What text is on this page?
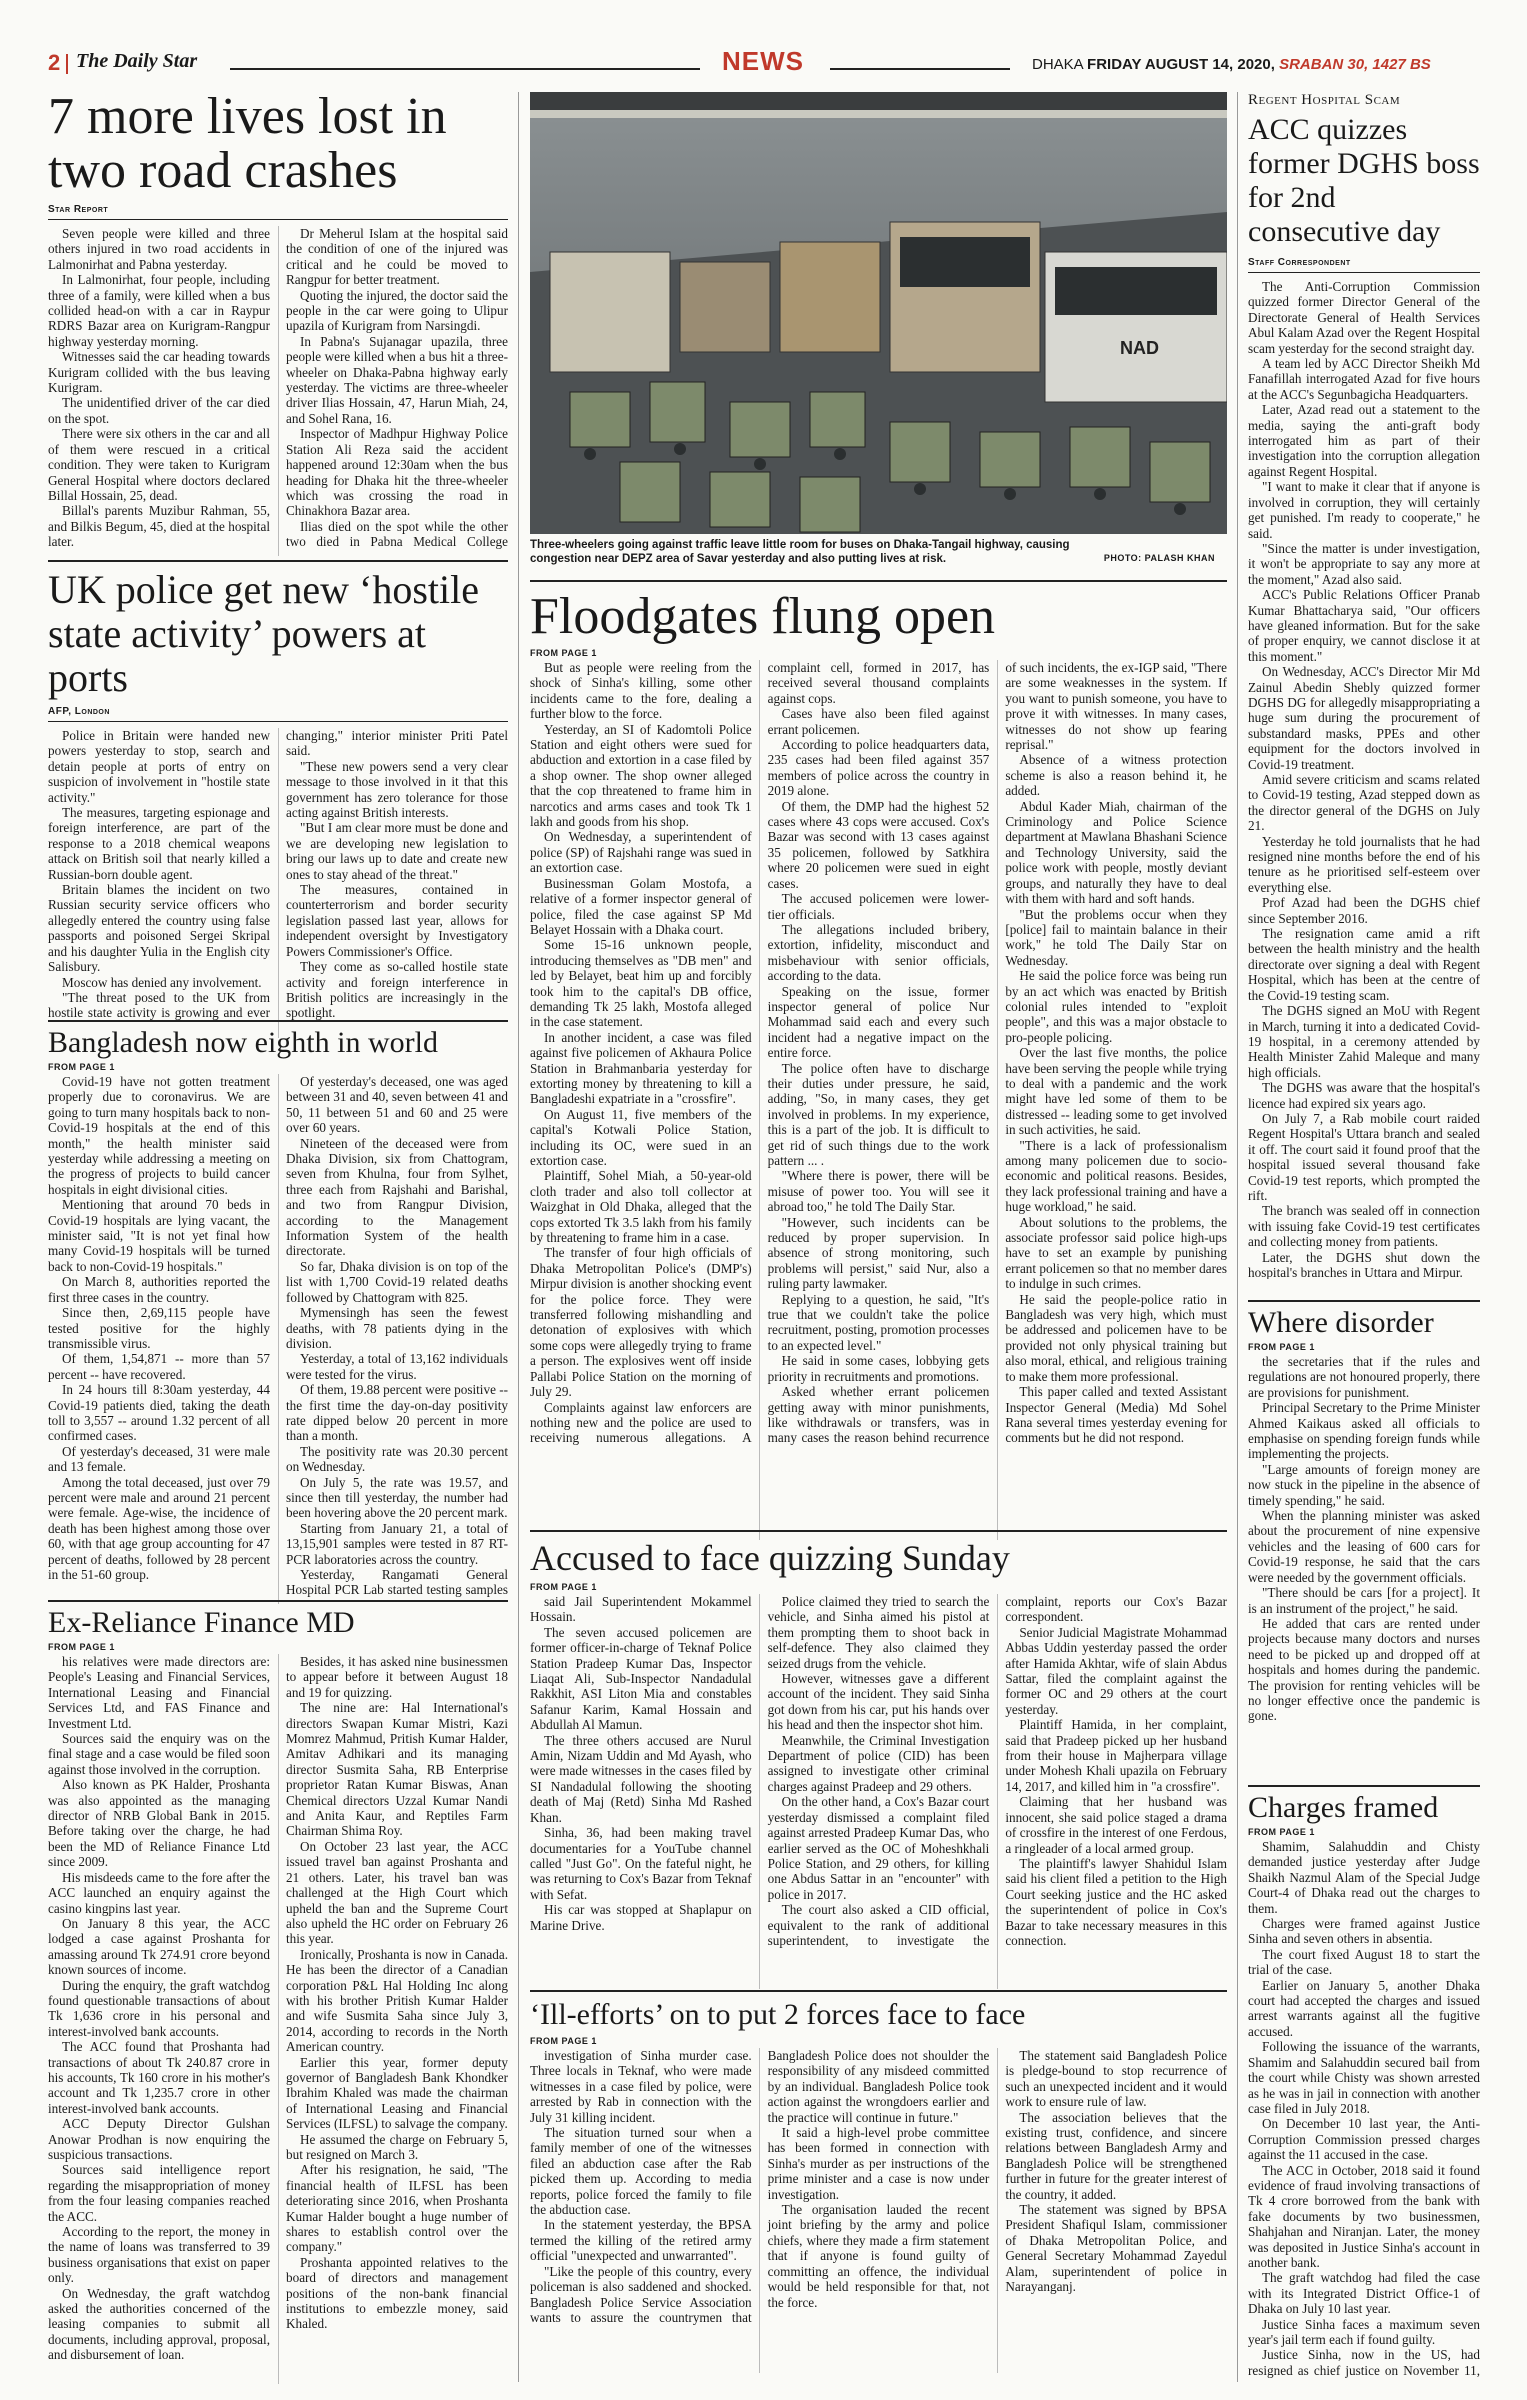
2 The Daily Star	NEWS	DHAKA FRIDAY AUGUST 14, 2020, SRABAN 30, 1427 BS
7 more lives lost in two road crashes
Star Report

Seven people were killed and three others injured in two road accidents in Lalmonirhat and Pabna yesterday.

In Lalmonirhat, four people, including three of a family, were killed when a bus collided head-on with a car in Raypur RDRS Bazar area on Kurigram-Rangpur highway yesterday morning.

Witnesses said the car heading towards Kurigram collided with the bus leaving Kurigram.

The unidentified driver of the car died on the spot.

There were six others in the car and all of them were rescued in a critical condition. They were taken to Kurigram General Hospital where doctors declared Billal Hossain, 25, dead.

Billal's parents Muzibur Rahman, 55, and Bilkis Begum, 45, died at the hospital later.

Dr Meherul Islam at the hospital said the condition of one of the injured was critical and he could be moved to Rangpur for better treatment.

Quoting the injured, the doctor said the people in the car were going to Ulipur upazila of Kurigram from Narsingdi.

In Pabna's Sujanagar upazila, three people were killed when a bus hit a three-wheeler on Dhaka-Pabna highway early yesterday. The victims are three-wheeler driver Ilias Hossain, 47, Harun Miah, 24, and Sohel Rana, 16.

Inspector of Madhpur Highway Police Station Ali Reza said the accident happened around 12:30am when the bus heading for Dhaka hit the three-wheeler which was crossing the road in Chinakhora Bazar area.

Ilias died on the spot while the other two died in Pabna Medical College

UK police get new ‘hostile state activity’ powers at ports
AFP, London

Police in Britain were handed new powers yesterday to stop, search and detain people at ports of entry on suspicion of involvement in "hostile state activity."

The measures, targeting espionage and foreign interference, are part of the response to a 2018 chemical weapons attack on British soil that nearly killed a Russian-born double agent.

Britain blames the incident on two Russian security service officers who allegedly entered the country using false passports and poisoned Sergei Skripal and his daughter Yulia in the English city Salisbury.

Moscow has denied any involvement.

"The threat posed to the UK from hostile state activity is growing and ever changing," interior minister Priti Patel said.

"These new powers send a very clear message to those involved in it that this government has zero tolerance for those acting against British interests.

"But I am clear more must be done and we are developing new legislation to bring our laws up to date and create new ones to stay ahead of the threat."

The measures, contained in counterterrorism and border security legislation passed last year, allows for independent oversight by Investigatory Powers Commissioner's Office.

They come as so-called hostile state activity and foreign interference in British politics are increasingly in the spotlight.

Bangladesh now eighth in world
FROM PAGE 1

Covid-19 have not gotten treatment properly due to coronavirus. We are going to turn many hospitals back to non-Covid-19 hospitals at the end of this month," the health minister said yesterday while addressing a meeting on the progress of projects to build cancer hospitals in eight divisional cities.

Mentioning that around 70 beds in Covid-19 hospitals are lying vacant, the minister said, "It is not yet final how many Covid-19 hospitals will be turned back to non-Covid-19 hospitals."

On March 8, authorities reported the first three cases in the country.

Since then, 2,69,115 people have tested positive for the highly transmissible virus.

Of them, 1,54,871 -- more than 57 percent -- have recovered.

In 24 hours till 8:30am yesterday, 44 Covid-19 patients died, taking the death toll to 3,557 -- around 1.32 percent of all confirmed cases.

Of yesterday's deceased, 31 were male and 13 female.

Among the total deceased, just over 79 percent were male and around 21 percent were female. Age-wise, the incidence of death has been highest among those over 60, with that age group accounting for 47 percent of deaths, followed by 28 percent in the 51-60 group.

Of yesterday's deceased, one was aged between 31 and 40, seven between 41 and 50, 11 between 51 and 60 and 25 were over 60 years.

Nineteen of the deceased were from Dhaka Division, six from Chattogram, seven from Khulna, four from Sylhet, three each from Rajshahi and Barishal, and two from Rangpur Division, according to the Management Information System of the health directorate.

So far, Dhaka division is on top of the list with 1,700 Covid-19 related deaths followed by Chattogram with 825.

Mymensingh has seen the fewest deaths, with 78 patients dying in the division.

Yesterday, a total of 13,162 individuals were tested for the virus.

Of them, 19.88 percent were positive -- the first time the day-on-day positivity rate dipped below 20 percent in more than a month.

The positivity rate was 20.30 percent on Wednesday.

On July 5, the rate was 19.57, and since then till yesterday, the number had been hovering above the 20 percent mark.

Starting from January 21, a total of 13,15,901 samples were tested in 87 RT-PCR laboratories across the country.

Yesterday, Rangamati General Hospital PCR Lab started testing samples

Ex-Reliance Finance MD
FROM PAGE 1

his relatives were made directors are: People's Leasing and Financial Services, International Leasing and Financial Services Ltd, and FAS Finance and Investment Ltd.

Sources said the enquiry was on the final stage and a case would be filed soon against those involved in the corruption.

Also known as PK Halder, Proshanta was also appointed as the managing director of NRB Global Bank in 2015. Before taking over the charge, he had been the MD of Reliance Finance Ltd since 2009.

His misdeeds came to the fore after the ACC launched an enquiry against the casino kingpins last year.

On January 8 this year, the ACC lodged a case against Proshanta for amassing around Tk 274.91 crore beyond known sources of income.

During the enquiry, the graft watchdog found questionable transactions of about Tk 1,636 crore in his personal and interest-involved bank accounts.

The ACC found that Proshanta had transactions of about Tk 240.87 crore in his accounts, Tk 160 crore in his mother's account and Tk 1,235.7 crore in other interest-involved bank accounts.

ACC Deputy Director Gulshan Anowar Prodhan is now enquiring the suspicious transactions.

Sources said intelligence report regarding the misappropriation of money from the four leasing companies reached the ACC.

According to the report, the money in the name of loans was transferred to 39 business organisations that exist on paper only.

On Wednesday, the graft watchdog asked the authorities concerned of the leasing companies to submit all documents, including approval, proposal, and disbursement of loan.

Besides, it has asked nine businessmen to appear before it between August 18 and 19 for quizzing.

The nine are: Hal International's directors Swapan Kumar Mistri, Kazi Momrez Mahmud, Pritish Kumar Halder, Amitav Adhikari and its managing director Susmita Saha, RB Enterprise proprietor Ratan Kumar Biswas, Anan Chemical directors Uzzal Kumar Nandi and Anita Kaur, and Reptiles Farm Chairman Shima Roy.

On October 23 last year, the ACC issued travel ban against Proshanta and 21 others. Later, his travel ban was challenged at the High Court which upheld the ban and the Supreme Court also upheld the HC order on February 26 this year.

Ironically, Proshanta is now in Canada. He has been the director of a Canadian corporation P&L Hal Holding Inc along with his brother Pritish Kumar Halder and wife Susmita Saha since July 3, 2014, according to records in the North American country.

Earlier this year, former deputy governor of Bangladesh Bank Khondker Ibrahim Khaled was made the chairman of International Leasing and Financial Services (ILFSL) to salvage the company.

He assumed the charge on February 5, but resigned on March 3.

After his resignation, he said, "The financial health of ILFSL has been deteriorating since 2016, when Proshanta Kumar Halder bought a huge number of shares to establish control over the company."

Proshanta appointed relatives to the board of directors and management positions of the non-bank financial institutions to embezzle money, said Khaled.

NAD
Three-wheelers going against traffic leave little room for buses on Dhaka-Tangail highway, causing congestion near DEPZ area of Savar yesterday and also putting lives at risk.	PHOTO: PALASH KHAN
Floodgates flung open
FROM PAGE 1

But as people were reeling from the shock of Sinha's killing, some other incidents came to the fore, dealing a further blow to the force.

Yesterday, an SI of Kadomtoli Police Station and eight others were sued for abduction and extortion in a case filed by a shop owner. The shop owner alleged that the cop threatened to frame him in narcotics and arms cases and took Tk 1 lakh and goods from his shop.

On Wednesday, a superintendent of police (SP) of Rajshahi range was sued in an extortion case.

Businessman Golam Mostofa, a relative of a former inspector general of police, filed the case against SP Md Belayet Hossain with a Dhaka court.

Some 15-16 unknown people, introducing themselves as "DB men" and led by Belayet, beat him up and forcibly took him to the capital's DB office, demanding Tk 25 lakh, Mostofa alleged in the case statement.

In another incident, a case was filed against five policemen of Akhaura Police Station in Brahmanbaria yesterday for extorting money by threatening to kill a Bangladeshi expatriate in a "crossfire".

On August 11, five members of the capital's Kotwali Police Station, including its OC, were sued in an extortion case.

Plaintiff, Sohel Miah, a 50-year-old cloth trader and also toll collector at Waizghat in Old Dhaka, alleged that the cops extorted Tk 3.5 lakh from his family by threatening to frame him in a case.

The transfer of four high officials of Dhaka Metropolitan Police's (DMP's) Mirpur division is another shocking event for the police force. They were transferred following mishandling and detonation of explosives with which some cops were allegedly trying to frame a person. The explosives went off inside Pallabi Police Station on the morning of July 29.

Complaints against law enforcers are nothing new and the police are used to receiving numerous allegations. A complaint cell, formed in 2017, has received several thousand complaints against cops.

Cases have also been filed against errant policemen.

According to police headquarters data, 235 cases had been filed against 357 members of police across the country in 2019 alone.

Of them, the DMP had the highest 52 cases where 43 cops were accused. Cox's Bazar was second with 13 cases against 35 policemen, followed by Satkhira where 20 policemen were sued in eight cases.

The accused policemen were lower-tier officials.

The allegations included bribery, extortion, infidelity, misconduct and misbehaviour with senior officials, according to the data.

Speaking on the issue, former inspector general of police Nur Mohammad said each and every such incident had a negative impact on the entire force.

The police often have to discharge their duties under pressure, he said, adding, "So, in many cases, they get involved in problems. In my experience, this is a part of the job. It is difficult to get rid of such things due to the work pattern ... .

"Where there is power, there will be misuse of power too. You will see it abroad too," he told The Daily Star.

"However, such incidents can be reduced by proper supervision. In absence of strong monitoring, such problems will persist," said Nur, also a ruling party lawmaker.

Replying to a question, he said, "It's true that we couldn't take the police recruitment, posting, promotion processes to an expected level."

He said in some cases, lobbying gets priority in recruitments and promotions.

Asked whether errant policemen getting away with minor punishments, like withdrawals or transfers, was in many cases the reason behind recurrence of such incidents, the ex-IGP said, "There are some weaknesses in the system. If you want to punish someone, you have to prove it with witnesses. In many cases, witnesses do not show up fearing reprisal."

Absence of a witness protection scheme is also a reason behind it, he added.

Abdul Kader Miah, chairman of the Criminology and Police Science department at Mawlana Bhashani Science and Technology University, said the police work with people, mostly deviant groups, and naturally they have to deal with them with hard and soft hands.

"But the problems occur when they [police] fail to maintain balance in their work," he told The Daily Star on Wednesday.

He said the police force was being run by an act which was enacted by British colonial rules intended to "exploit people", and this was a major obstacle to pro-people policing.

Over the last five months, the police have been serving the people while trying to deal with a pandemic and the work might have led some of them to be distressed -- leading some to get involved in such activities, he said.

"There is a lack of professionalism among many policemen due to socio-economic and political reasons. Besides, they lack professional training and have a huge workload," he said.

About solutions to the problems, the associate professor said police high-ups have to set an example by punishing errant policemen so that no member dares to indulge in such crimes.

He said the people-police ratio in Bangladesh was very high, which must be addressed and policemen have to be provided not only physical training but also moral, ethical, and religious training to make them more professional.

This paper called and texted Assistant Inspector General (Media) Md Sohel Rana several times yesterday evening for comments but he did not respond.

Accused to face quizzing Sunday
FROM PAGE 1

said Jail Superintendent Mokammel Hossain.

The seven accused policemen are former officer-in-charge of Teknaf Police Station Pradeep Kumar Das, Inspector Liaqat Ali, Sub-Inspector Nandadulal Rakkhit, ASI Liton Mia and constables Safanur Karim, Kamal Hossain and Abdullah Al Mamun.

The three others accused are Nurul Amin, Nizam Uddin and Md Ayash, who were made witnesses in the cases filed by SI Nandadulal following the shooting death of Maj (Retd) Sinha Md Rashed Khan.

Sinha, 36, had been making travel documentaries for a YouTube channel called "Just Go". On the fateful night, he was returning to Cox's Bazar from Teknaf with Sefat.

His car was stopped at Shaplapur on Marine Drive.

Police claimed they tried to search the vehicle, and Sinha aimed his pistol at them prompting them to shoot back in self-defence. They also claimed they seized drugs from the vehicle.

However, witnesses gave a different account of the incident. They said Sinha got down from his car, put his hands over his head and then the inspector shot him.

Meanwhile, the Criminal Investigation Department of police (CID) has been assigned to investigate other criminal charges against Pradeep and 29 others.

On the other hand, a Cox's Bazar court yesterday dismissed a complaint filed against arrested Pradeep Kumar Das, who earlier served as the OC of Moheshkhali Police Station, and 29 others, for killing one Abdus Sattar in an "encounter" with police in 2017.

The court also asked a CID official, equivalent to the rank of additional superintendent, to investigate the complaint, reports our Cox's Bazar correspondent.

Senior Judicial Magistrate Mohammad Abbas Uddin yesterday passed the order after Hamida Akhtar, wife of slain Abdus Sattar, filed the complaint against the former OC and 29 others at the court yesterday.

Plaintiff Hamida, in her complaint, said that Pradeep picked up her husband from their house in Majherpara village under Mohesh Khali upazila on February 14, 2017, and killed him in "a crossfire".

Claiming that her husband was innocent, she said police staged a drama of crossfire in the interest of one Ferdous, a ringleader of a local armed group.

The plaintiff's lawyer Shahidul Islam said his client filed a petition to the High Court seeking justice and the HC asked the superintendent of police in Cox's Bazar to take necessary measures in this connection.

‘Ill-efforts’ on to put 2 forces face to face
FROM PAGE 1

investigation of Sinha murder case. Three locals in Teknaf, who were made witnesses in a case filed by police, were arrested by Rab in connection with the July 31 killing incident.

The situation turned sour when a family member of one of the witnesses filed an abduction case after the Rab picked them up. According to media reports, police forced the family to file the abduction case.

In the statement yesterday, the BPSA termed the killing of the retired army official "unexpected and unwarranted".

"Like the people of this country, every policeman is also saddened and shocked. Bangladesh Police Service Association wants to assure the countrymen that Bangladesh Police does not shoulder the responsibility of any misdeed committed by an individual. Bangladesh Police took action against the wrongdoers earlier and the practice will continue in future."

It said a high-level probe committee has been formed in connection with Sinha's murder as per instructions of the prime minister and a case is now under investigation.

The organisation lauded the recent joint briefing by the army and police chiefs, where they made a firm statement that if anyone is found guilty of committing an offence, the individual would be held responsible for that, not the force.

The statement said Bangladesh Police is pledge-bound to stop recurrence of such an unexpected incident and it would work to ensure rule of law.

The association believes that the existing trust, confidence, and sincere relations between Bangladesh Army and Bangladesh Police will be strengthened further in future for the greater interest of the country, it added.

The statement was signed by BPSA President Shafiqul Islam, commissioner of Dhaka Metropolitan Police, and General Secretary Mohammad Zayedul Alam, superintendent of police in Narayanganj.

Regent Hospital Scam
ACC quizzes former DGHS boss for 2nd consecutive day
Staff Correspondent

The Anti-Corruption Commission quizzed former Director General of the Directorate General of Health Services Abul Kalam Azad over the Regent Hospital scam yesterday for the second straight day.

A team led by ACC Director Sheikh Md Fanafillah interrogated Azad for five hours at the ACC's Segunbagicha Headquarters.

Later, Azad read out a statement to the media, saying the anti-graft body interrogated him as part of their investigation into the corruption allegation against Regent Hospital.

"I want to make it clear that if anyone is involved in corruption, they will certainly get punished. I'm ready to cooperate," he said.

"Since the matter is under investigation, it won't be appropriate to say any more at the moment," Azad also said.

ACC's Public Relations Officer Pranab Kumar Bhattacharya said, "Our officers have gleaned information. But for the sake of proper enquiry, we cannot disclose it at this moment."

On Wednesday, ACC's Director Mir Md Zainul Abedin Shebly quizzed former DGHS DG for allegedly misappropriating a huge sum during the procurement of substandard masks, PPEs and other equipment for the doctors involved in Covid-19 treatment.

Amid severe criticism and scams related to Covid-19 testing, Azad stepped down as the director general of the DGHS on July 21.

Yesterday he told journalists that he had resigned nine months before the end of his tenure as he prioritised self-esteem over everything else.

Prof Azad had been the DGHS chief since September 2016.

The resignation came amid a rift between the health ministry and the health directorate over signing a deal with Regent Hospital, which has been at the centre of the Covid-19 testing scam.

The DGHS signed an MoU with Regent in March, turning it into a dedicated Covid-19 hospital, in a ceremony attended by Health Minister Zahid Maleque and many high officials.

The DGHS was aware that the hospital's licence had expired six years ago.

On July 7, a Rab mobile court raided Regent Hospital's Uttara branch and sealed it off. The court said it found proof that the hospital issued several thousand fake Covid-19 test reports, which prompted the rift.

The branch was sealed off in connection with issuing fake Covid-19 test certificates and collecting money from patients.

Later, the DGHS shut down the hospital's branches in Uttara and Mirpur.

Where disorder
FROM PAGE 1

the secretaries that if the rules and regulations are not honoured properly, there are provisions for punishment.

Principal Secretary to the Prime Minister Ahmed Kaikaus asked all officials to emphasise on spending foreign funds while implementing the projects.

"Large amounts of foreign money are now stuck in the pipeline in the absence of timely spending," he said.

When the planning minister was asked about the procurement of nine expensive vehicles and the leasing of 600 cars for Covid-19 response, he said that the cars were needed by the government officials.

"There should be cars [for a project]. It is an instrument of the project," he said.

He added that cars are rented under projects because many doctors and nurses need to be picked up and dropped off at hospitals and homes during the pandemic. The provision for renting vehicles will be no longer effective once the pandemic is gone.

Charges framed
FROM PAGE 1

Shamim, Salahuddin and Chisty demanded justice yesterday after Judge Shaikh Nazmul Alam of the Special Judge Court-4 of Dhaka read out the charges to them.

Charges were framed against Justice Sinha and seven others in absentia.

The court fixed August 18 to start the trial of the case.

Earlier on January 5, another Dhaka court had accepted the charges and issued arrest warrants against all the fugitive accused.

Following the issuance of the warrants, Shamim and Salahuddin secured bail from the court while Chisty was shown arrested as he was in jail in connection with another case filed in July 2018.

On December 10 last year, the Anti-Corruption Commission pressed charges against the 11 accused in the case.

The ACC in October, 2018 said it found evidence of fraud involving transactions of Tk 4 crore borrowed from the bank with fake documents by two businessmen, Shahjahan and Niranjan. Later, the money was deposited in Justice Sinha's account in another bank.

The graft watchdog had filed the case with its Integrated District Office-1 of Dhaka on July 10 last year.

Justice Sinha faces a maximum seven year's jail term each if found guilty.

Justice Sinha, now in the US, had resigned as chief justice on November 11,
